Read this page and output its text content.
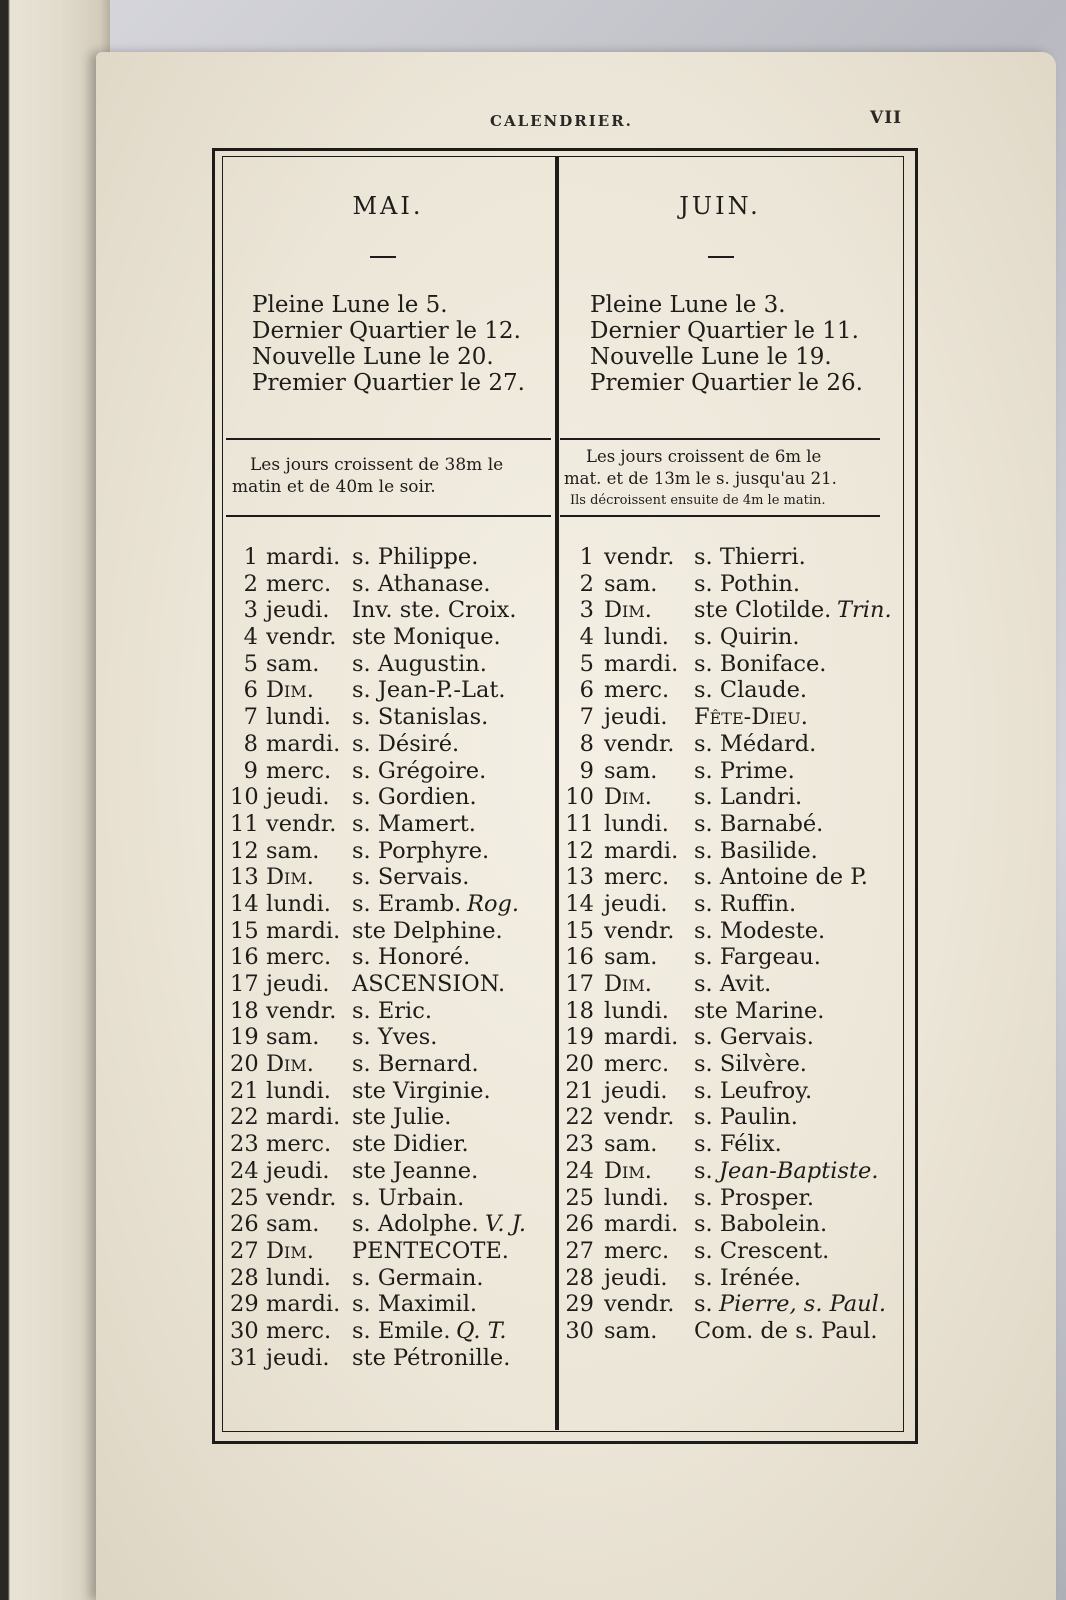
CALENDRIER.	VII
MAI.
Pleine Lune le 5.
Dernier Quartier le 12.
Nouvelle Lune le 20.
Premier Quartier le 27.
Les jours croissent de 38m le
matin et de 40m le soir.
JUIN.
Pleine Lune le 3.
Dernier Quartier le 11.
Nouvelle Lune le 19.
Premier Quartier le 26.
Les jours croissent de 6m le
mat. et de 13m le s. jusqu'au 21.
Ils décroissent ensuite de 4m le matin.
1 mardi. s. Philippe.
2 merc. s. Athanase.
3 jeudi. Inv. ste. Croix.
4 vendr. ste Monique.
5 sam. s. Augustin.
6 Dim. s. Jean-P.-Lat.
7 lundi. s. Stanislas.
8 mardi. s. Désiré.
9 merc. s. Grégoire.
10 jeudi. s. Gordien.
11 vendr. s. Mamert.
12 sam. s. Porphyre.
13 Dim. s. Servais.
14 lundi. s. Eramb. Rog.
15 mardi. ste Delphine.
16 merc. s. Honoré.
17 jeudi. ASCENSION.
18 vendr. s. Eric.
19 sam. s. Yves.
20 Dim. s. Bernard.
21 lundi. ste Virginie.
22 mardi. ste Julie.
23 merc. ste Didier.
24 jeudi. ste Jeanne.
25 vendr. s. Urbain.
26 sam. s. Adolphe. V. J.
27 Dim. PENTECOTE.
28 lundi. s. Germain.
29 mardi. s. Maximil.
30 merc. s. Emile. Q. T.
31 jeudi. ste Pétronille.
1 vendr. s. Thierri.
2 sam. s. Pothin.
3 Dim. ste Clotilde. Trin.
4 lundi. s. Quirin.
5 mardi. s. Boniface.
6 merc. s. Claude.
7 jeudi. Fête-Dieu.
8 vendr. s. Médard.
9 sam. s. Prime.
10 Dim. s. Landri.
11 lundi. s. Barnabé.
12 mardi. s. Basilide.
13 merc. s. Antoine de P.
14 jeudi. s. Ruffin.
15 vendr. s. Modeste.
16 sam. s. Fargeau.
17 Dim. s. Avit.
18 lundi. ste Marine.
19 mardi. s. Gervais.
20 merc. s. Silvère.
21 jeudi. s. Leufroy.
22 vendr. s. Paulin.
23 sam. s. Félix.
24 Dim. s. Jean-Baptiste.
25 lundi. s. Prosper.
26 mardi. s. Babolein.
27 merc. s. Crescent.
28 jeudi. s. Irénée.
29 vendr. s. Pierre, s. Paul.
30 sam. Com. de s. Paul.
